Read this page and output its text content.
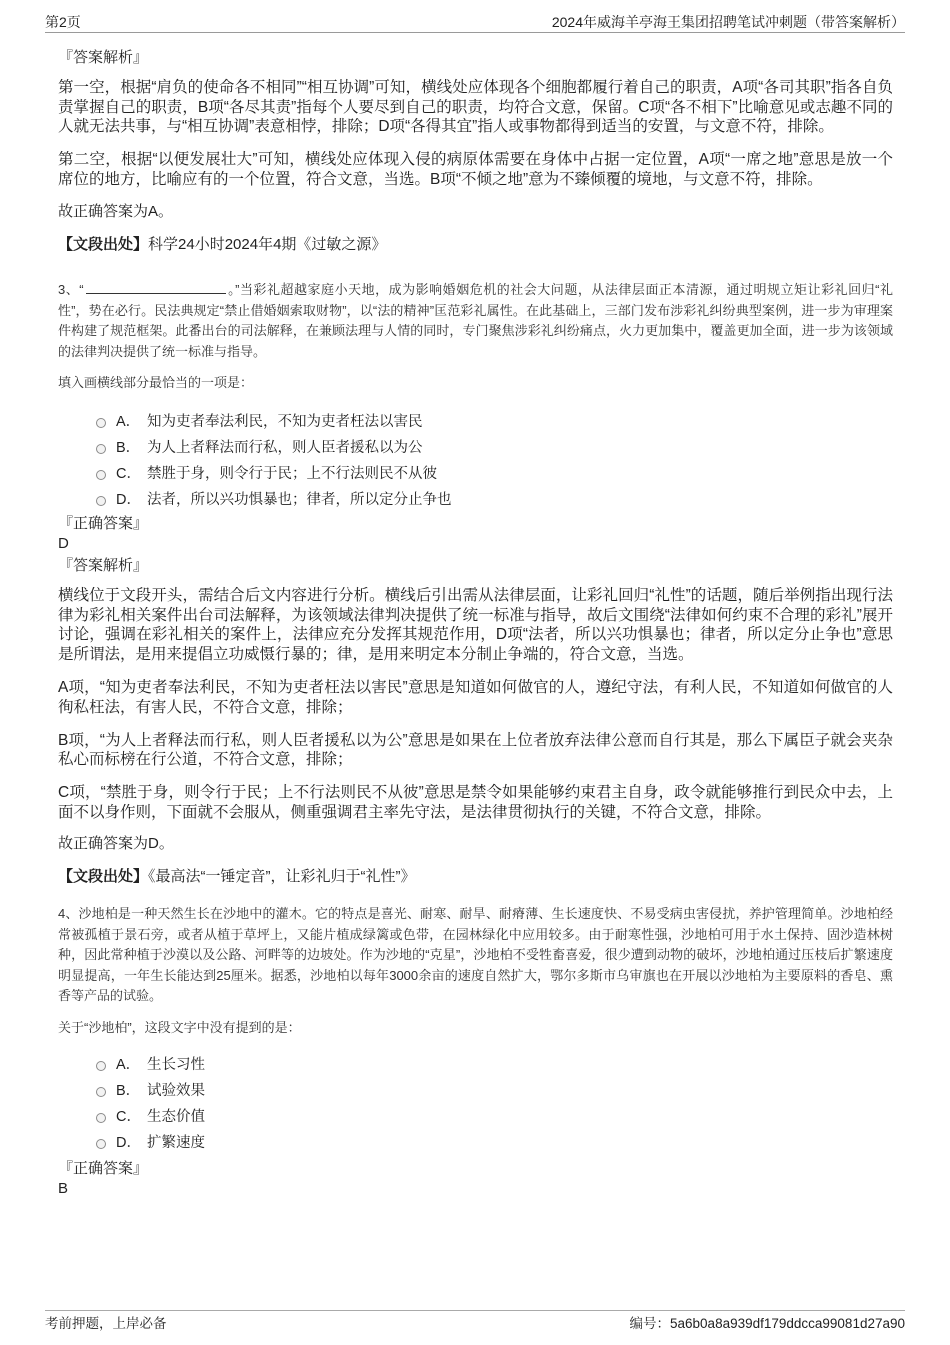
第2页	2024年威海羊亭海王集团招聘笔试冲刺题（带答案解析）
『答案解析』
第一空，根据“肩负的使命各不相同”“相互协调”可知，横线处应体现各个细胞都履行着自己的职责，A项“各司其职”指各自负责掌握自己的职责，B项“各尽其责”指每个人要尽到自己的职责，均符合文意，保留。C项“各不相下”比喻意见或志趣不同的人就无法共事，与“相互协调”表意相悖，排除；D项“各得其宜”指人或事物都得到适当的安置，与文意不符，排除。
第二空，根据“以便发展壮大”可知，横线处应体现入侵的病原体需要在身体中占据一定位置，A项“一席之地”意思是放一个席位的地方，比喻应有的一个位置，符合文意，当选。B项“不倾之地”意为不臻倾覆的境地，与文意不符，排除。
故正确答案为A。
【文段出处】科学24小时2024年4期《过敏之源》
3、“	。”当彩礼超越家庭小天地，成为影响婚姻危机的社会大问题，从法律层面正本清源，通过明规立矩让彩礼回归“礼性”，势在必行。民法典规定“禁止借婚姻索取财物”，以“法的精神”匡范彩礼属性。在此基础上，三部门发布涉彩礼纠纷典型案例，进一步为审理案件构建了规范框架。此番出台的司法解释，在兼顾法理与人情的同时，专门聚焦涉彩礼纠纷痛点，火力更加集中，覆盖更加全面，进一步为该领域的法律判决提供了统一标准与指导。
填入画横线部分最恰当的一项是：
A． 知为吏者奉法利民，不知为吏者枉法以害民
B． 为人上者释法而行私，则人臣者援私以为公
C． 禁胜于身，则令行于民；上不行法则民不从彼
D． 法者，所以兴功惧暴也；律者，所以定分止争也
『正确答案』
D
『答案解析』
横线位于文段开头，需结合后文内容进行分析。横线后引出需从法律层面，让彩礼回归“礼性”的话题，随后举例指出现行法律为彩礼相关案件出台司法解释，为该领域法律判决提供了统一标准与指导，故后文围绕“法律如何约束不合理的彩礼”展开讨论，强调在彩礼相关的案件上，法律应充分发挥其规范作用，D项“法者，所以兴功惧暴也；律者，所以定分止争也”意思是所谓法，是用来提倡立功威慑行暴的；律，是用来明定本分制止争端的，符合文意，当选。
A项，“知为吏者奉法利民，不知为吏者枉法以害民”意思是知道如何做官的人，遵纪守法，有利人民，不知道如何做官的人徇私枉法，有害人民，不符合文意，排除；
B项，“为人上者释法而行私，则人臣者援私以为公”意思是如果在上位者放弃法律公意而自行其是，那么下属臣子就会夹杂私心而标榜在行公道，不符合文意，排除；
C项，“禁胜于身，则令行于民；上不行法则民不从彼”意思是禁令如果能够约束君主自身，政令就能够推行到民众中去，上面不以身作则，下面就不会服从，侧重强调君主率先守法，是法律贯彻执行的关键，不符合文意，排除。
故正确答案为D。
【文段出处】《最高法“一锤定音”，让彩礼归于“礼性”》
4、沙地柏是一种天然生长在沙地中的灌木。它的特点是喜光、耐寒、耐旱、耐瘠薄、生长速度快、不易受病虫害侵扰，养护管理简单。沙地柏经常被孤植于景石旁，或者从植于草坪上，又能片植成绿篱或色带，在园林绿化中应用较多。由于耐寒性强，沙地柏可用于水土保持、固沙造林树种，因此常种植于沙漠以及公路、河畔等的边坡处。作为沙地的“克星”，沙地柏不受牲畜喜爱，很少遭到动物的破坏，沙地柏通过压枝后扩繁速度明显提高，一年生长能达到25厘米。据悉，沙地柏以每年3000余亩的速度自然扩大，鄂尔多斯市乌审旗也在开展以沙地柏为主要原料的香皂、熏香等产品的试验。
关于“沙地柏”，这段文字中没有提到的是：
A． 生长习性
B． 试验效果
C． 生态价值
D． 扩繁速度
『正确答案』
B
考前押题，上岸必备	编号：5a6b0a8a939df179ddcca99081d27a90
